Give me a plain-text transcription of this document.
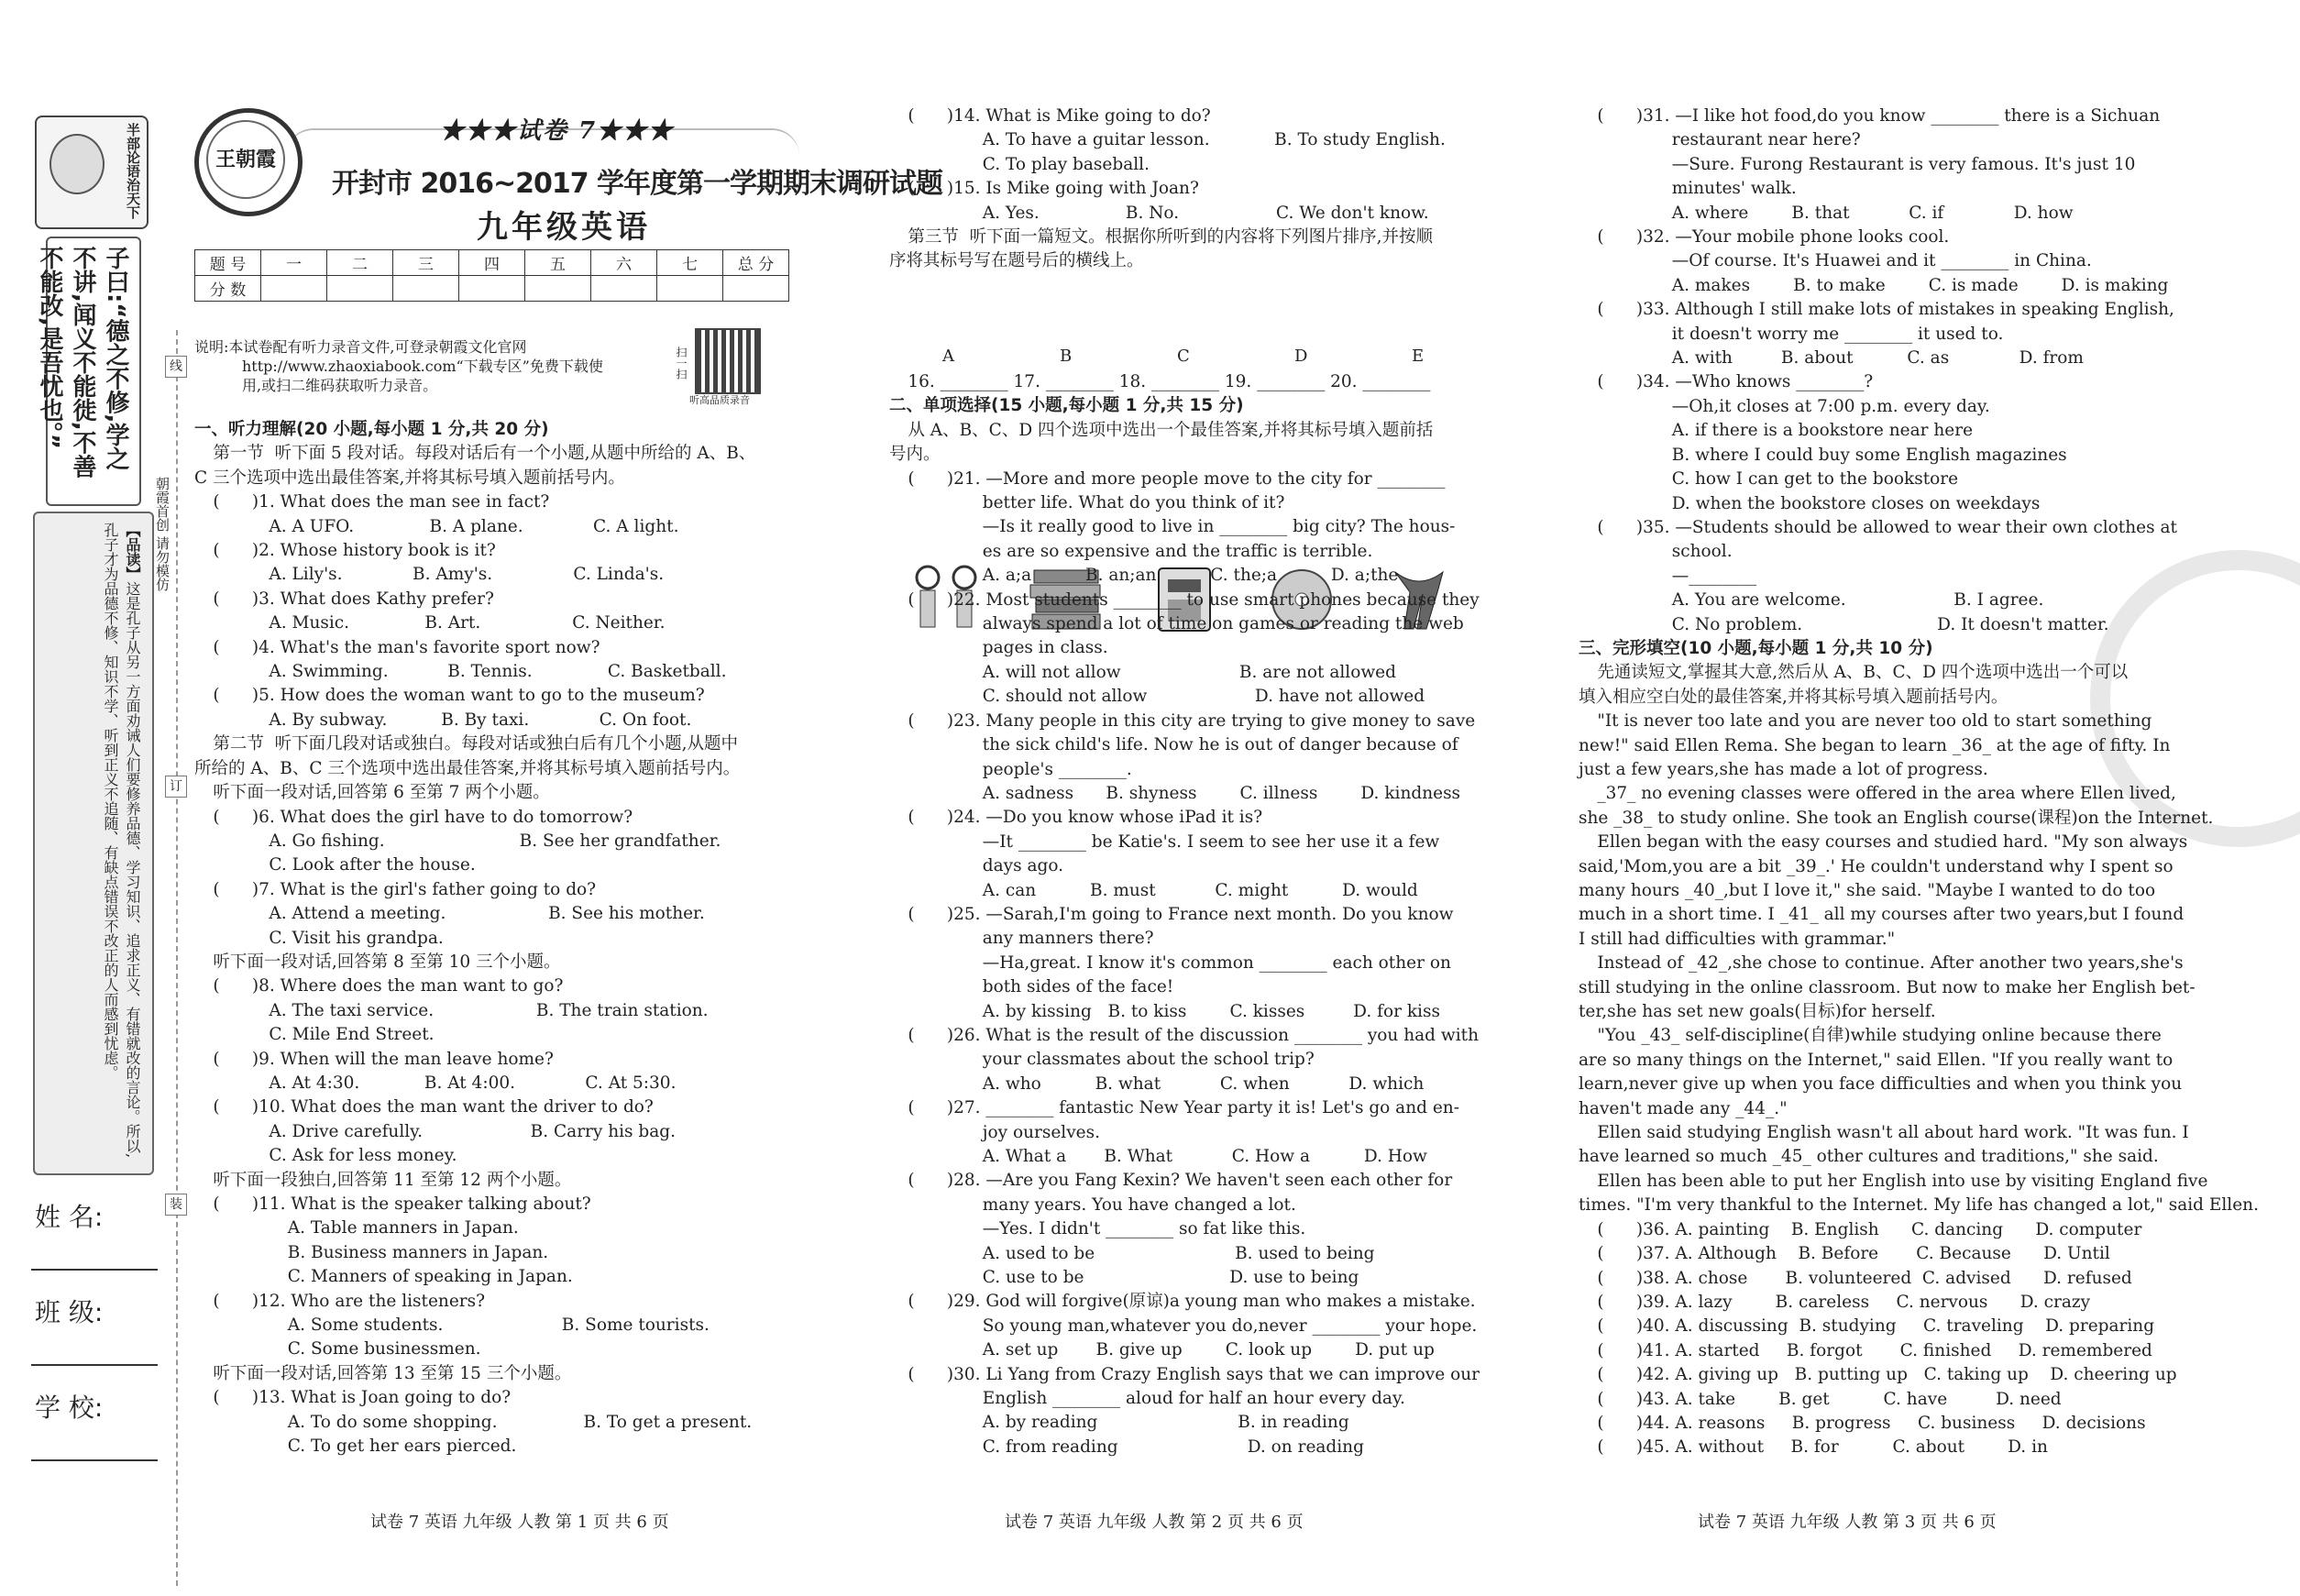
半部论语治天下
子曰:“德之不修,学之不讲,闻义不能徙,不善不能改,是吾忧也。”
【品读】这是孔子从另一方面劝诫人们要修养品德、学习知识、追求正义、有错就改的言论。所以,孔子才为品德不修、知识不学、听到正义不追随、有缺点错误不改正的人而感到忧虑。	朝霞首创 请勿模仿
线
订
装
姓 名:
班 级:
学 校:
王朝霞
★★★试卷 7★★★
开封市 2016~2017 学年度第一学期期末调研试题
九年级英语
题 号	一	二	三	四	五	六	七	总 分
分 数								
说明:本试卷配有听力录音文件,可登录朝霞文化官网
http://www.zhaoxiabook.com“下载专区”免费下载使
用,或扫二维码获取听力录音。
扫一扫
听高品质录音

一、听力理解(20 小题,每小题 1 分,共 20 分)

第一节  听下面 5 段对话。每段对话后有一个小题,从题中所给的 A、B、

C 三个选项中选出最佳答案,并将其标号填入题前括号内。

(      )1. What does the man see in fact?

A. A UFO.              B. A plane.             C. A light.

(      )2. Whose history book is it?

A. Lily's.             B. Amy's.               C. Linda's.

(      )3. What does Kathy prefer?

A. Music.              B. Art.                 C. Neither.

(      )4. What's the man's favorite sport now?

A. Swimming.           B. Tennis.              C. Basketball.

(      )5. How does the woman want to go to the museum?

A. By subway.          B. By taxi.             C. On foot.

第二节  听下面几段对话或独白。每段对话或独白后有几个小题,从题中

所给的 A、B、C 三个选项中选出最佳答案,并将其标号填入题前括号内。

听下面一段对话,回答第 6 至第 7 两个小题。

(      )6. What does the girl have to do tomorrow?

A. Go fishing.                         B. See her grandfather.

C. Look after the house.

(      )7. What is the girl's father going to do?

A. Attend a meeting.                   B. See his mother.

C. Visit his grandpa.

听下面一段对话,回答第 8 至第 10 三个小题。

(      )8. Where does the man want to go?

A. The taxi service.                   B. The train station.

C. Mile End Street.

(      )9. When will the man leave home?

A. At 4:30.            B. At 4:00.             C. At 5:30.

(      )10. What does the man want the driver to do?

A. Drive carefully.                    B. Carry his bag.

C. Ask for less money.

听下面一段独白,回答第 11 至第 12 两个小题。

(      )11. What is the speaker talking about?

A. Table manners in Japan.

B. Business manners in Japan.

C. Manners of speaking in Japan.

(      )12. Who are the listeners?

A. Some students.                      B. Some tourists.

C. Some businessmen.

听下面一段对话,回答第 13 至第 15 三个小题。

(      )13. What is Joan going to do?

A. To do some shopping.                B. To get a present.

C. To get her ears pierced.

(      )14. What is Mike going to do?

A. To have a guitar lesson.            B. To study English.

C. To play baseball.

(      )15. Is Mike going with Joan?

A. Yes.                B. No.                  C. We don't know.

第三节  听下面一篇短文。根据你所听到的内容将下列图片排序,并按顺

序将其标号写在题号后的横线上。

A	B	C	D	E

16. ________ 17. ________ 18. ________ 19. ________ 20. ________

二、单项选择(15 小题,每小题 1 分,共 15 分)

从 A、B、C、D 四个选项中选出一个最佳答案,并将其标号填入题前括

号内。

(      )21. —More and more people move to the city for ________

better life. What do you think of it?

—Is it really good to live in ________ big city? The hous-

es are so expensive and the traffic is terrible.

A. a;a          B. an;an          C. the;a          D. a;the

(      )22. Most students ________ to use smart phones because they

always spend a lot of time on games or reading the web

pages in class.

A. will not allow                      B. are not allowed

C. should not allow                    D. have not allowed

(      )23. Many people in this city are trying to give money to save

the sick child's life. Now he is out of danger because of

people's ________.

A. sadness      B. shyness        C. illness        D. kindness

(      )24. —Do you know whose iPad it is?

—It ________ be Katie's. I seem to see her use it a few

days ago.

A. can          B. must           C. might          D. would

(      )25. —Sarah,I'm going to France next month. Do you know

any manners there?

—Ha,great. I know it's common ________ each other on

both sides of the face!

A. by kissing   B. to kiss        C. kisses         D. for kiss

(      )26. What is the result of the discussion ________ you had with

your classmates about the school trip?

A. who          B. what           C. when           D. which

(      )27. ________ fantastic New Year party it is! Let's go and en-

joy ourselves.

A. What a       B. What           C. How a          D. How

(      )28. —Are you Fang Kexin? We haven't seen each other for

many years. You have changed a lot.

—Yes. I didn't ________ so fat like this.

A. used to be                          B. used to being

C. use to be                           D. use to being

(      )29. God will forgive(原谅)a young man who makes a mistake.

So young man,whatever you do,never ________ your hope.

A. set up       B. give up        C. look up        D. put up

(      )30. Li Yang from Crazy English says that we can improve our

English ________ aloud for half an hour every day.

A. by reading                          B. in reading

C. from reading                        D. on reading

(      )31. —I like hot food,do you know ________ there is a Sichuan

restaurant near here?

—Sure. Furong Restaurant is very famous. It's just 10

minutes' walk.

A. where        B. that           C. if             D. how

(      )32. —Your mobile phone looks cool.

—Of course. It's Huawei and it ________ in China.

A. makes        B. to make        C. is made        D. is making

(      )33. Although I still make lots of mistakes in speaking English,

it doesn't worry me ________ it used to.

A. with         B. about          C. as             D. from

(      )34. —Who knows ________?

—Oh,it closes at 7:00 p.m. every day.

A. if there is a bookstore near here

B. where I could buy some English magazines

C. how I can get to the bookstore

D. when the bookstore closes on weekdays

(      )35. —Students should be allowed to wear their own clothes at

school.

—________

A. You are welcome.                    B. I agree.

C. No problem.                         D. It doesn't matter.

三、完形填空(10 小题,每小题 1 分,共 10 分)

先通读短文,掌握其大意,然后从 A、B、C、D 四个选项中选出一个可以

填入相应空白处的最佳答案,并将其标号填入题前括号内。

"It is never too late and you are never too old to start something

new!" said Ellen Rema. She began to learn _36_ at the age of fifty. In

just a few years,she has made a lot of progress.

_37_ no evening classes were offered in the area where Ellen lived,

she _38_ to study online. She took an English course(课程)on the Internet.

Ellen began with the easy courses and studied hard. "My son always

said,'Mom,you are a bit _39_.' He couldn't understand why I spent so

many hours _40_,but I love it," she said. "Maybe I wanted to do too

much in a short time. I _41_ all my courses after two years,but I found

I still had difficulties with grammar."

Instead of _42_,she chose to continue. After another two years,she's

still studying in the online classroom. But now to make her English bet-

ter,she has set new goals(目标)for herself.

"You _43_ self-discipline(自律)while studying online because there

are so many things on the Internet," said Ellen. "If you really want to

learn,never give up when you face difficulties and when you think you

haven't made any _44_."

Ellen said studying English wasn't all about hard work. "It was fun. I

have learned so much _45_ other cultures and traditions," she said.

Ellen has been able to put her English into use by visiting England five

times. "I'm very thankful to the Internet. My life has changed a lot," said Ellen.

(      )36. A. painting    B. English      C. dancing      D. computer

(      )37. A. Although    B. Before       C. Because      D. Until

(      )38. A. chose       B. volunteered  C. advised      D. refused

(      )39. A. lazy        B. careless     C. nervous      D. crazy

(      )40. A. discussing  B. studying     C. traveling    D. preparing

(      )41. A. started     B. forgot       C. finished     D. remembered

(      )42. A. giving up   B. putting up   C. taking up    D. cheering up

(      )43. A. take        B. get          C. have         D. need

(      )44. A. reasons     B. progress     C. business     D. decisions

(      )45. A. without     B. for          C. about        D. in

试卷 7 英语 九年级 人教 第 1 页 共 6 页	试卷 7 英语 九年级 人教 第 2 页 共 6 页	试卷 7 英语 九年级 人教 第 3 页 共 6 页
